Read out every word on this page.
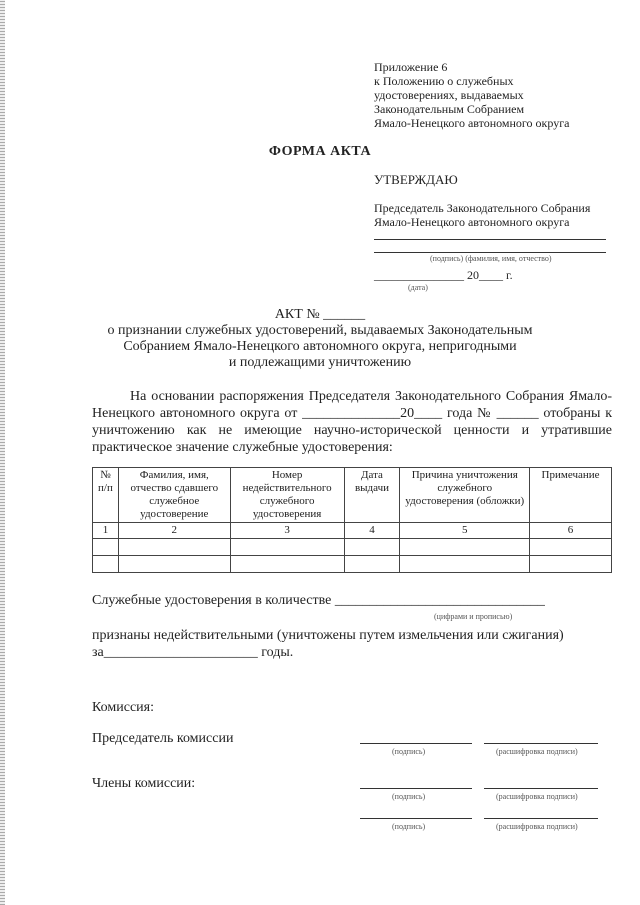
Приложение 6
к Положению о служебных
удостоверениях, выдаваемых
Законодательным Собранием
Ямало-Ненецкого автономного округа
ФОРМА АКТА
УТВЕРЖДАЮ
Председатель Законодательного Собрания
Ямало-Ненецкого автономного округа
(подпись) (фамилия, имя, отчество)
_______________ 20____ г.
(дата)
АКТ № ______
о признании служебных удостоверений, выдаваемых Законодательным
Собранием Ямало-Ненецкого автономного округа, непригодными
и подлежащими уничтожению

На основании распоряжения Председателя Законодательного Собрания Ямало-Ненецкого автономного округа от ______________20____ года № ______ отобраны к уничтожению как не имеющие научно-исторической ценности и утратившие практическое значение служебные удостоверения:

№ п/п	Фамилия, имя, отчество сдавшего служебное удостоверение	Номер недействительного служебного удостоверения	Дата выдачи	Причина уничтожения служебного удостоверения (обложки)	Примечание
1	2	3	4	5	6

Служебные удостоверения в количестве ______________________________
(цифрами и прописью)
признаны недействительными (уничтожены путем измельчения или сжигания)
за______________________ годы.
Комиссия:
Председатель комиссии
(подпись)	(расшифровка подписи)
Члены комиссии:
(подпись)	(расшифровка подписи)
(подпись)	(расшифровка подписи)
